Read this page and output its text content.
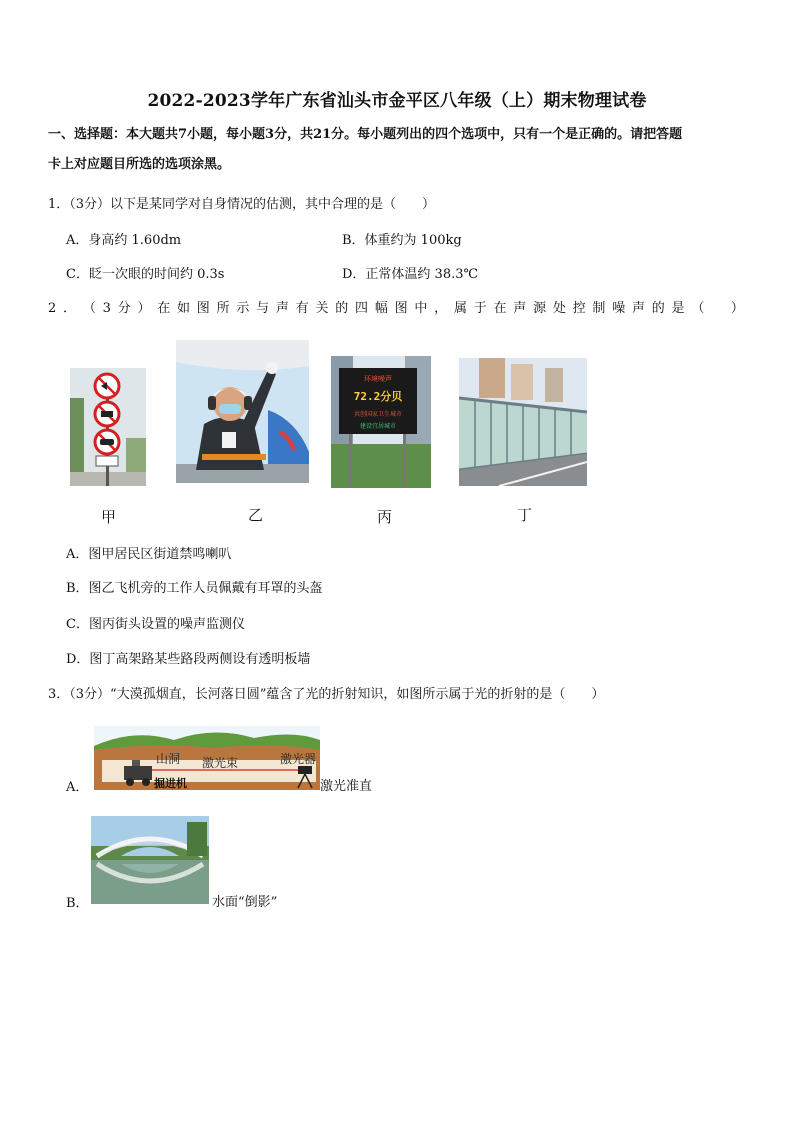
2022-2023学年广东省汕头市金平区八年级（上）期末物理试卷
一、选择题：本大题共7小题，每小题3分，共21分。每小题列出的四个选项中，只有一个是正确的。请把答题
卡上对应题目所选的选项涂黑。
1．（3分）以下是某同学对自身情况的估测，其中合理的是（　　）
A．身高约 1.60dm	B．体重约为 100kg
C．眨一次眼的时间约 0.3s	D．正常体温约 38.3℃
2 ． （ 3 分 ） 在 如 图 所 示 与 声 有 关 的 四 幅 图 中 ， 属 于 在 声 源 处 控 制 噪 声 的 是 （
　 ）
环境噪声
72.2分贝
共创国家卫生城市
建设宜居城市
甲	乙	丙	丁
A．图甲居民区街道禁鸣喇叭
B．图乙飞机旁的工作人员佩戴有耳罩的头盔
C．图丙街头设置的噪声监测仪
D．图丁高架路某些路段两侧设有透明板墙
3．（3分）“大漠孤烟直，长河落日圆”蕴含了光的折射知识，如图所示属于光的折射的是（　　）
A．
山洞 激光束	激光器
掘进机	激光准直
B．	水面“倒影”
